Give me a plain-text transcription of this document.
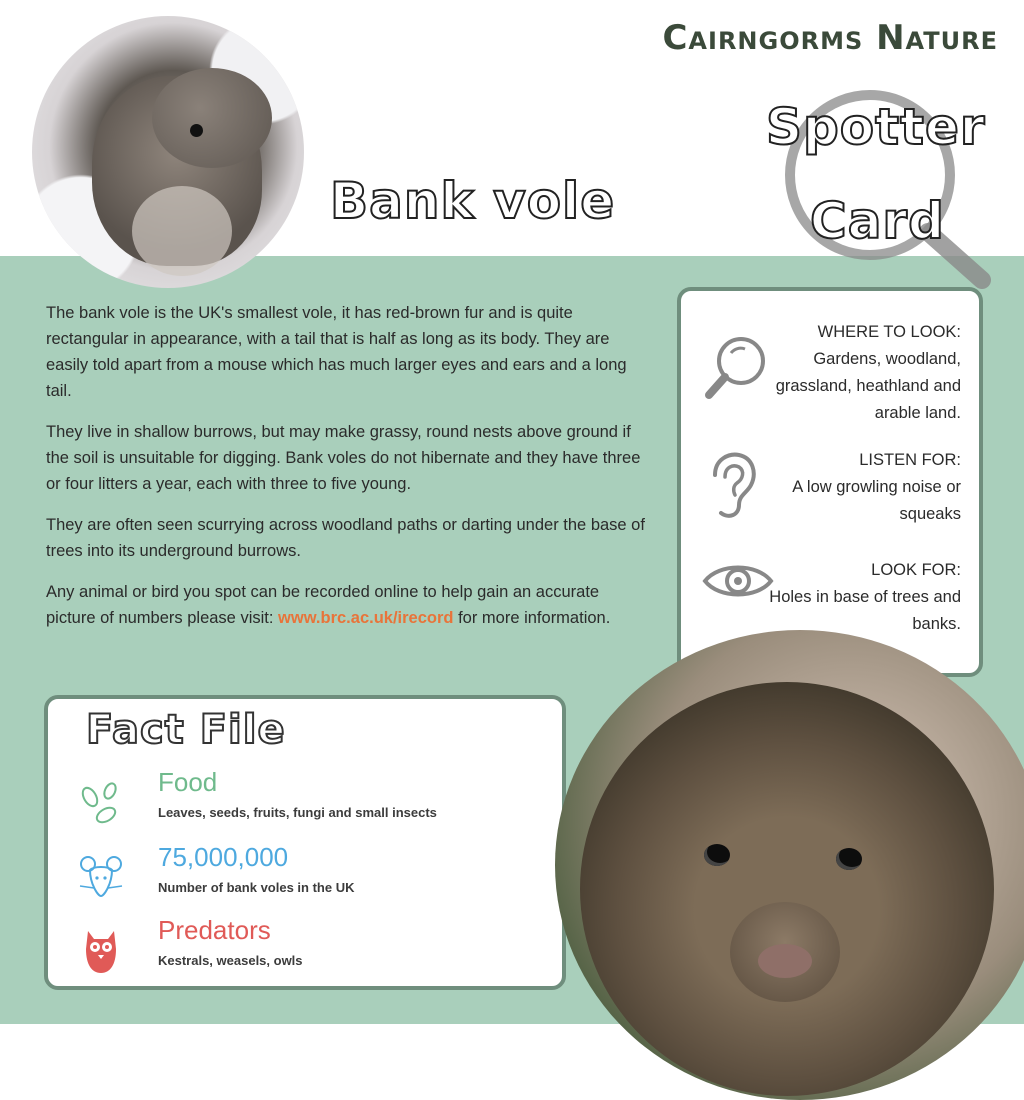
Cairngorms Nature
Bank vole
Spotter
Card

The bank vole is the UK's smallest vole, it has red-brown fur and is quite rectangular in appearance, with a tail that is half as long as its body. They are easily told apart from a mouse which has much larger eyes and ears and a long tail.

They live in shallow burrows, but may make grassy, round nests above ground if the soil is unsuitable for digging. Bank voles do not hibernate and they have three or four litters a year, each with three to five young.

They are often seen scurrying across woodland paths or darting under the base of trees into its underground burrows.

Any animal or bird you spot can be recorded online to help gain an accurate picture of numbers please visit: www.brc.ac.uk/irecord for more information.

WHERE TO LOOK:
Gardens, woodland, grassland, heathland and arable land.
LISTEN FOR:
A low growling noise or squeaks
LOOK FOR:
Holes in base of trees and banks.
Fact File
Food
Leaves, seeds, fruits, fungi and small insects
75,000,000
Number of bank voles in the UK
Predators
Kestrals, weasels, owls
